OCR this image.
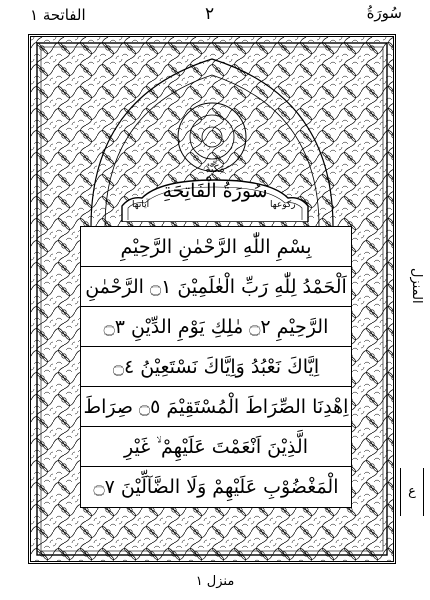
الفاتحة ١	٢	سُورَةُ
مَكِّيَّةٌ
سُورَةُ الْفَاتِحَةِ
آیاتها	رکوعها
بِسْمِ اللّٰهِ الرَّحْمٰنِ الرَّحِيْمِ
اَلْحَمْدُ لِلّٰهِ رَبِّ الْعٰلَمِيْنَ ۝١ الرَّحْمٰنِ
الرَّحِيْمِ ۝٢ مٰلِكِ يَوْمِ الدِّيْنِ ۝٣
اِيَّاكَ نَعْبُدُ وَاِيَّاكَ نَسْتَعِيْنُ ۝٤
اِهْدِنَا الصِّرَاطَ الْمُسْتَقِيْمَ ۝٥ صِرَاطَ
الَّذِيْنَ اَنْعَمْتَ عَلَيْهِمْ ۙ غَيْرِ
الْمَغْضُوْبِ عَلَيْهِمْ وَلَا الضَّآلِّيْنَ ۝٧
المنزل
ع
منزل ١
